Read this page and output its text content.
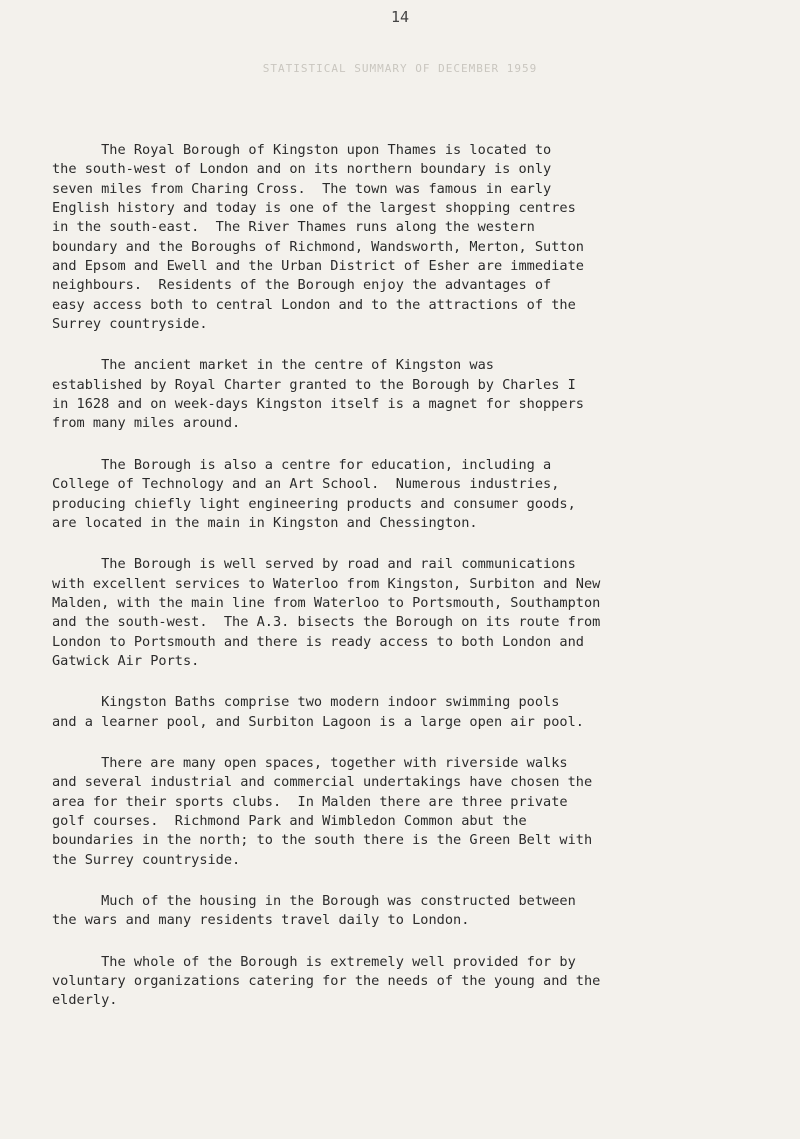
14
STATISTICAL SUMMARY OF DECEMBER 1959
The Royal Borough of Kingston upon Thames is located to
the south-west of London and on its northern boundary is only
seven miles from Charing Cross.  The town was famous in early
English history and today is one of the largest shopping centres
in the south-east.  The River Thames runs along the western
boundary and the Boroughs of Richmond, Wandsworth, Merton, Sutton
and Epsom and Ewell and the Urban District of Esher are immediate
neighbours.  Residents of the Borough enjoy the advantages of
easy access both to central London and to the attractions of the
Surrey countryside.
The ancient market in the centre of Kingston was
established by Royal Charter granted to the Borough by Charles I
in 1628 and on week-days Kingston itself is a magnet for shoppers
from many miles around.
The Borough is also a centre for education, including a
College of Technology and an Art School.  Numerous industries,
producing chiefly light engineering products and consumer goods,
are located in the main in Kingston and Chessington.
The Borough is well served by road and rail communications
with excellent services to Waterloo from Kingston, Surbiton and New
Malden, with the main line from Waterloo to Portsmouth, Southampton
and the south-west.  The A.3. bisects the Borough on its route from
London to Portsmouth and there is ready access to both London and
Gatwick Air Ports.
Kingston Baths comprise two modern indoor swimming pools
and a learner pool, and Surbiton Lagoon is a large open air pool.
There are many open spaces, together with riverside walks
and several industrial and commercial undertakings have chosen the
area for their sports clubs.  In Malden there are three private
golf courses.  Richmond Park and Wimbledon Common abut the
boundaries in the north; to the south there is the Green Belt with
the Surrey countryside.
Much of the housing in the Borough was constructed between
the wars and many residents travel daily to London.
The whole of the Borough is extremely well provided for by
voluntary organizations catering for the needs of the young and the
elderly.
